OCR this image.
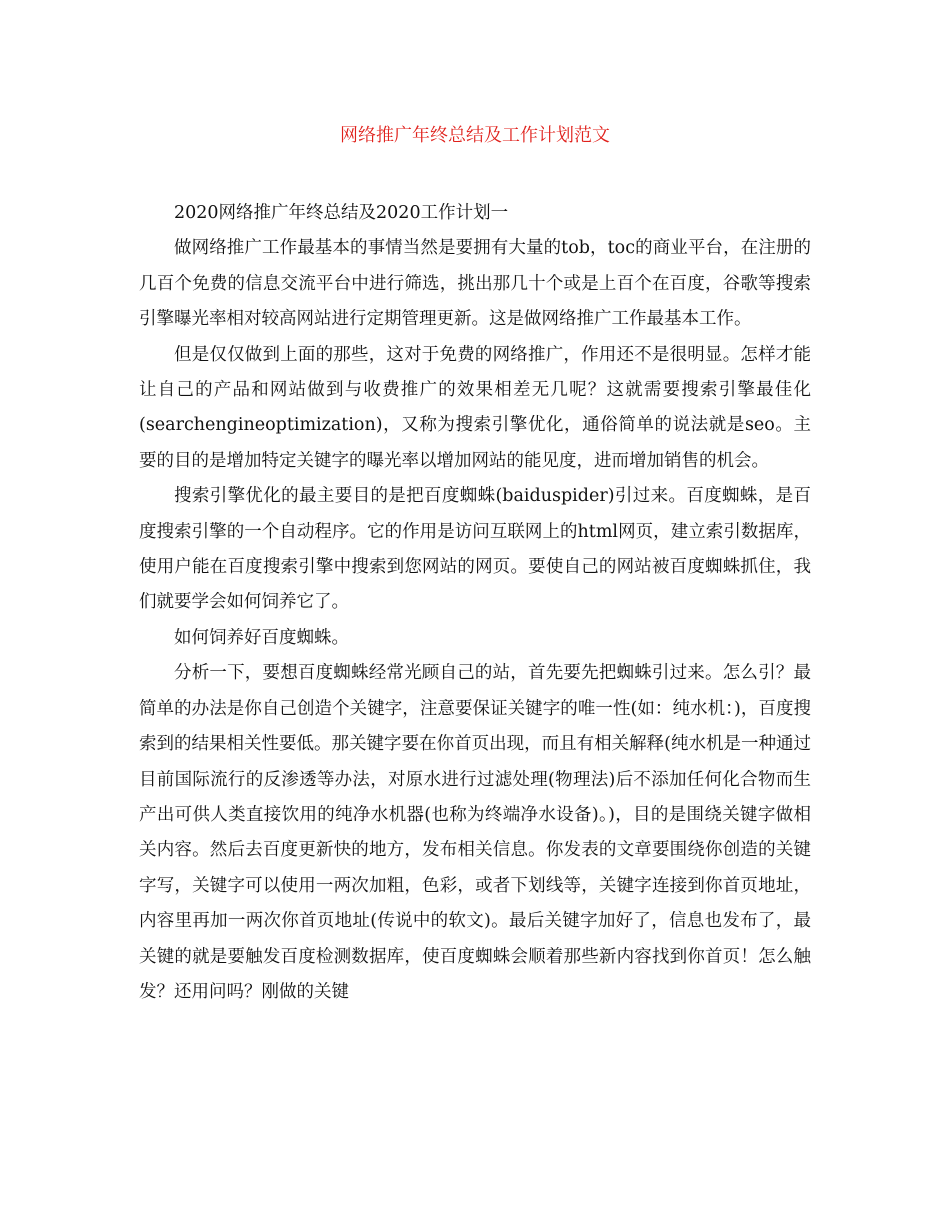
网络推广年终总结及工作计划范文

2020网络推广年终总结及2020工作计划一

做网络推广工作最基本的事情当然是要拥有大量的tob，toc的商业平台，在注册的几百个免费的信息交流平台中进行筛选，挑出那几十个或是上百个在百度，谷歌等搜索引擎曝光率相对较高网站进行定期管理更新。这是做网络推广工作最基本工作。

但是仅仅做到上面的那些，这对于免费的网络推广，作用还不是很明显。怎样才能让自己的产品和网站做到与收费推广的效果相差无几呢？这就需要搜索引擎最佳化(searchengineoptimization)，又称为搜索引擎优化，通俗简单的说法就是seo。主要的目的是增加特定关键字的曝光率以增加网站的能见度，进而增加销售的机会。

搜索引擎优化的最主要目的是把百度蜘蛛(baiduspider)引过来。百度蜘蛛，是百度搜索引擎的一个自动程序。它的作用是访问互联网上的html网页，建立索引数据库，使用户能在百度搜索引擎中搜索到您网站的网页。要使自己的网站被百度蜘蛛抓住，我们就要学会如何饲养它了。

如何饲养好百度蜘蛛。

分析一下，要想百度蜘蛛经常光顾自己的站，首先要先把蜘蛛引过来。怎么引？最简单的办法是你自己创造个关键字，注意要保证关键字的唯一性(如：纯水机：)，百度搜索到的结果相关性要低。那关键字要在你首页出现，而且有相关解释(纯水机是一种通过目前国际流行的反渗透等办法，对原水进行过滤处理(物理法)后不添加任何化合物而生产出可供人类直接饮用的纯净水机器(也称为终端净水设备)。)，目的是围绕关键字做相关内容。然后去百度更新快的地方，发布相关信息。你发表的文章要围绕你创造的关键字写，关键字可以使用一两次加粗，色彩，或者下划线等，关键字连接到你首页地址，内容里再加一两次你首页地址(传说中的软文)。最后关键字加好了，信息也发布了，最关键的就是要触发百度检测数据库，使百度蜘蛛会顺着那些新内容找到你首页！怎么触发？还用问吗？刚做的关键
